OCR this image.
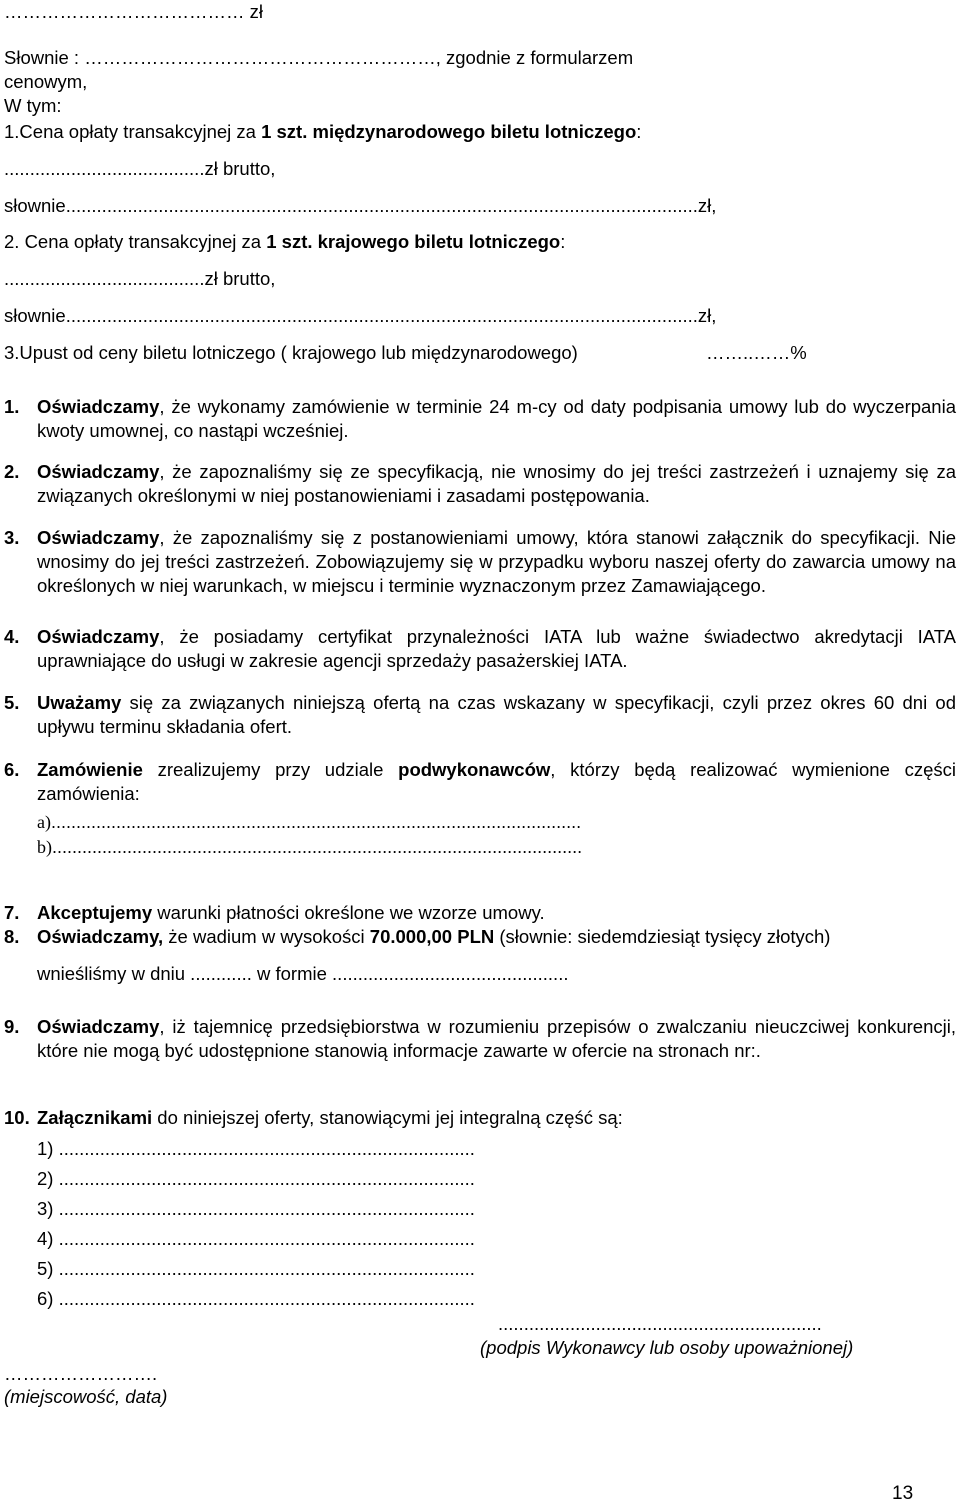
………………………………… zł
Słownie : …………………………………………………, zgodnie z formularzem
cenowym,
W tym:
1.Cena opłaty transakcyjnej za 1 szt. międzynarodowego biletu lotniczego:
.......................................zł brutto,
słownie...........................................................................................................................zł,
2. Cena opłaty transakcyjnej za 1 szt. krajowego biletu lotniczego:
.......................................zł brutto,
słownie...........................................................................................................................zł,
3.Upust od ceny biletu lotniczego ( krajowego lub międzynarodowego)	……..……%
1. Oświadczamy, że wykonamy zamówienie w terminie 24 m-cy od daty podpisania umowy lub do wyczerpania kwoty umownej, co nastąpi wcześniej.
2. Oświadczamy, że zapoznaliśmy się ze specyfikacją, nie wnosimy do jej treści zastrzeżeń i uznajemy się za związanych określonymi w niej postanowieniami i zasadami postępowania.
3. Oświadczamy, że zapoznaliśmy się z postanowieniami umowy, która stanowi załącznik do specyfikacji. Nie wnosimy do jej treści zastrzeżeń. Zobowiązujemy się w przypadku wyboru naszej oferty do zawarcia umowy na określonych w niej warunkach, w miejscu i terminie wyznaczonym przez Zamawiającego.
4. Oświadczamy, że posiadamy certyfikat przynależności IATA lub ważne świadectwo akredytacji IATA uprawniające do usługi w zakresie agencji sprzedaży pasażerskiej IATA.
5. Uważamy się za związanych niniejszą ofertą na czas wskazany w specyfikacji, czyli przez okres 60 dni od upływu terminu składania ofert.
6. Zamówienie zrealizujemy przy udziale podwykonawców, którzy będą realizować wymienione części zamówienia:
a)..........................................................................................................
b)..........................................................................................................
7. Akceptujemy warunki płatności określone we wzorze umowy.
8. Oświadczamy, że wadium w wysokości 70.000,00 PLN (słownie: siedemdziesiąt tysięcy złotych)
wnieśliśmy w dniu ............ w formie ..............................................
9. Oświadczamy, iż tajemnicę przedsiębiorstwa w rozumieniu przepisów o zwalczaniu nieuczciwej konkurencji, które nie mogą być udostępnione stanowią informacje zawarte w ofercie na stronach nr:.
10. Załącznikami do niniejszej oferty, stanowiącymi jej integralną część są:
1) .................................................................................
2) .................................................................................
3) .................................................................................
4) .................................................................................
5) .................................................................................
6) .................................................................................
...............................................................
(podpis Wykonawcy lub osoby upoważnionej)
…………………….
(miejscowość, data)
13
